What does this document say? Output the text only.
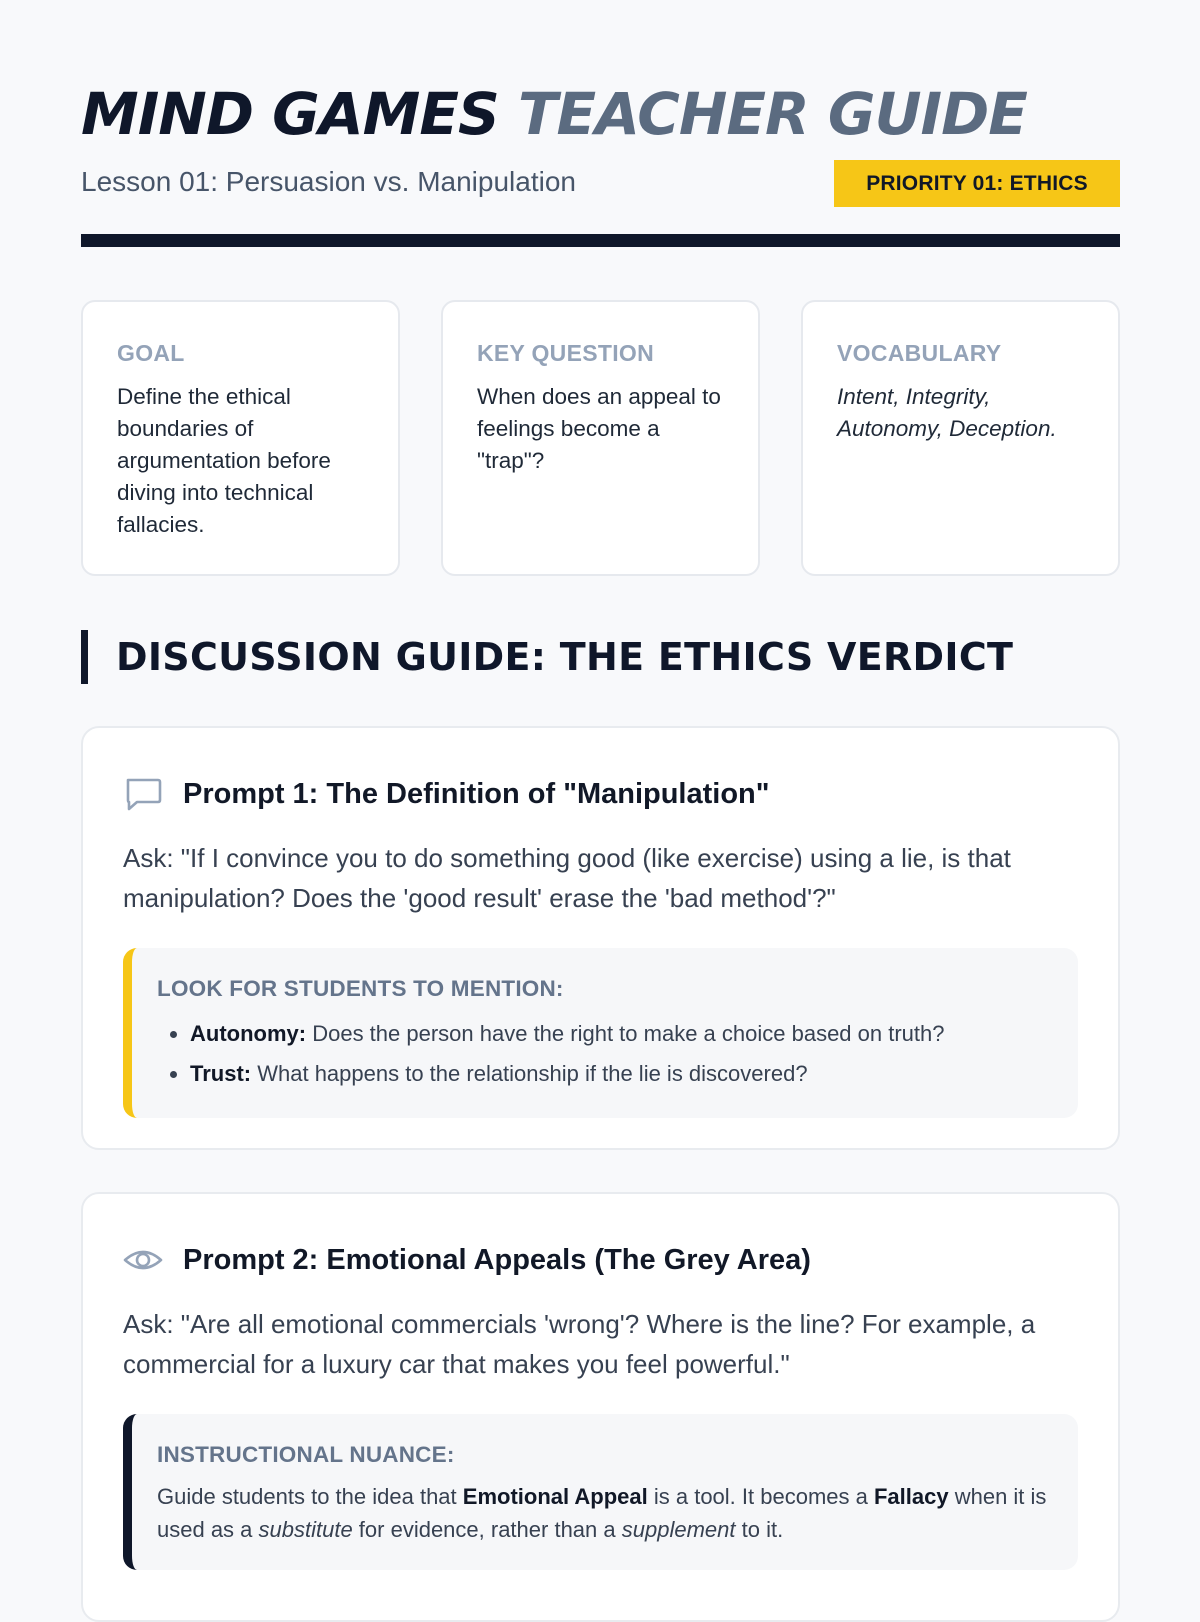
MIND GAMES TEACHER GUIDE
Lesson 01: Persuasion vs. Manipulation	PRIORITY 01: ETHICS
GOAL
Define the ethical boundaries of argumentation before diving into technical fallacies.
KEY QUESTION
When does an appeal to feelings become a "trap"?
VOCABULARY
Intent, Integrity, Autonomy, Deception.
DISCUSSION GUIDE: THE ETHICS VERDICT
Prompt 1: The Definition of "Manipulation"
Ask: "If I convince you to do something good (like exercise) using a lie, is that manipulation? Does the 'good result' erase the 'bad method'?"
LOOK FOR STUDENTS TO MENTION:
• Autonomy: Does the person have the right to make a choice based on truth?
• Trust: What happens to the relationship if the lie is discovered?
Prompt 2: Emotional Appeals (The Grey Area)
Ask: "Are all emotional commercials 'wrong'? Where is the line? For example, a commercial for a luxury car that makes you feel powerful."
INSTRUCTIONAL NUANCE:
Guide students to the idea that Emotional Appeal is a tool. It becomes a Fallacy when it is used as a substitute for evidence, rather than a supplement to it.
